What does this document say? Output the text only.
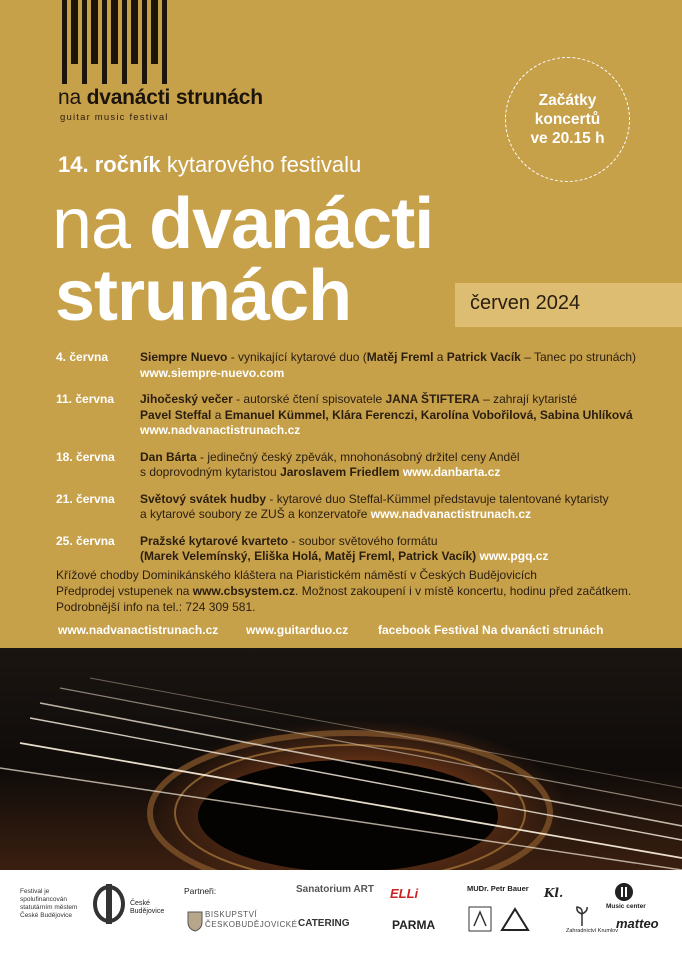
na dvanácti strunách
guitar music festival
Začátky
koncertů
ve 20.15 h
14. ročník kytarového festivalu
na dvanácti
strunách	červen 2024
4. června	Siempre Nuevo - vynikající kytarové duo (Matěj Freml a Patrick Vacík – Tanec po strunách)
www.siempre-nuevo.com
11. června Jihočeský večer - autorské čtení spisovatele JANA ŠTIFTERA – zahrají kytaristé
Pavel Steffal a Emanuel Kümmel, Klára Ferenczi, Karolína Vobořilová, Sabina Uhlíková
www.nadvanactistrunach.cz
18. června Dan Bárta - jedinečný český zpěvák, mnohonásobný držitel ceny Anděl
s doprovodným kytaristou Jaroslavem Friedlem www.danbarta.cz
21. června Světový svátek hudby - kytarové duo Steffal-Kümmel představuje talentované kytaristy
a kytarové soubory ze ZUŠ a konzervatoře www.nadvanactistrunach.cz
25. června Pražské kytarové kvarteto - soubor světového formátu
(Marek Velemínský, Eliška Holá, Matěj Freml, Patrick Vacík) www.pgq.cz
Křížové chodby Dominikánského kláštera na Piaristickém náměstí v Českých Budějovicích
Předprodej vstupenek na www.cbsystem.cz. Možnost zakoupení i v místě koncertu, hodinu před začátkem.
Podrobnější info na tel.: 724 309 581.
www.nadvanactistrunach.cz www.guitarduo.cz facebook Festival Na dvanácti strunách
Festival je spolufinancován statutárním městem České Budějovice
České Budějovice
Partneři:
BISKUPSTVÍ ČESKOBUDĚJOVICKÉ
Sanatorium ART
CATERING
ELLi
PARMA
MUDr. Petr Bauer Kl.
Zahradnictví Krumlov
Music center
matteo
Foto: Klára Trnková
